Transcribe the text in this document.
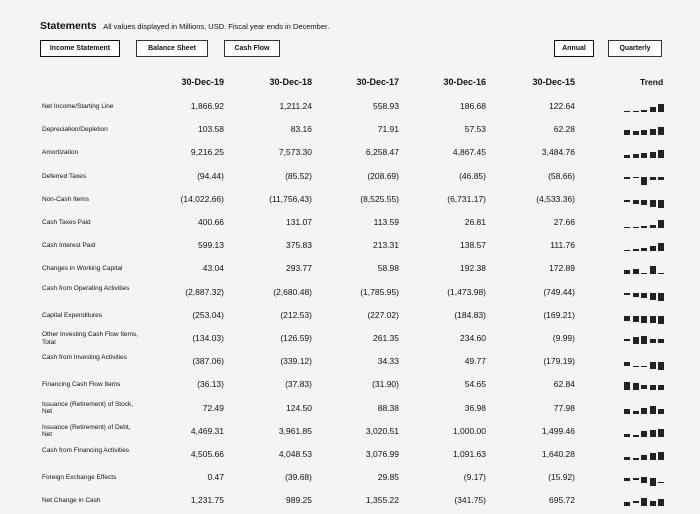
Statements All values displayed in Millions, USD. Fiscal year ends in December.
Income Statement	Balance Sheet	Cash Flow	Annual	Quarterly
30-Dec-19	30-Dec-18	30-Dec-17	30-Dec-16	30-Dec-15	Trend
Net Income/Starting Line	1,866.92	1,211.24	558.93	186.68	122.64
Depreciation/Depletion	103.58	83.16	71.91	57.53	62.28
Amortization	9,216.25	7,573.30	6,258.47	4,867.45	3,484.76
Deferred Taxes	(94.44)	(85.52)	(208.69)	(46.85)	(58.66)
Non-Cash Items	(14,022.66)	(11,756.43)	(8,525.55)	(6,731.17)	(4,533.36)
Cash Taxes Paid	400.66	131.07	113.59	26.81	27.66
Cash Interest Paid	599.13	375.83	213.31	138.57	111.76
Changes in Working Capital	43.04	293.77	58.98	192.38	172.89
Cash from Operating Activities	(2,887.32)	(2,680.48)	(1,785.95)	(1,473.98)	(749.44)
Capital Expenditures	(253.04)	(212.53)	(227.02)	(184.83)	(169.21)
Other Investing Cash Flow Items, Total	(134.03)	(126.59)	261.35	234.60	(9.99)
Cash from Investing Activities	(387.06)	(339.12)	34.33	49.77	(179.19)
Financing Cash Flow Items	(36.13)	(37.83)	(31.90)	54.65	62.84
Issuance (Retirement) of Stock, Net	72.49	124.50	88.38	36.98	77.98
Issuance (Retirement) of Debt, Net	4,469.31	3,961.85	3,020.51	1,000.00	1,499.46
Cash from Financing Activities	4,505.66	4,048.53	3,076.99	1,091.63	1,640.28
Foreign Exchange Effects	0.47	(39.68)	29.85	(9.17)	(15.92)
Net Change in Cash	1,231.75	989.25	1,355.22	(341.75)	695.72
